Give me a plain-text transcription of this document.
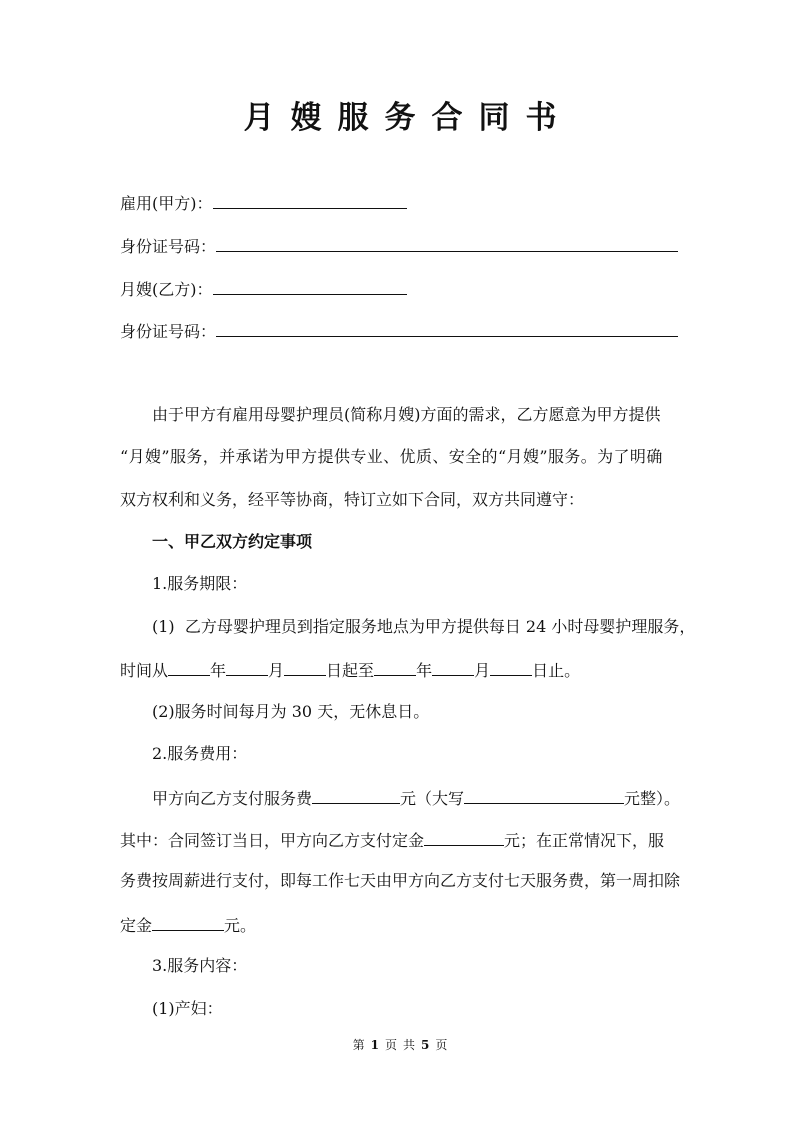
月嫂服务合同书
雇用(甲方)：
身份证号码：
月嫂(乙方)：
身份证号码：
由于甲方有雇用母婴护理员(简称月嫂)方面的需求，乙方愿意为甲方提供
“月嫂”服务，并承诺为甲方提供专业、优质、安全的“月嫂”服务。为了明确
双方权利和义务，经平等协商，特订立如下合同，双方共同遵守：
一、甲乙双方约定事项
1.服务期限：
(1)  乙方母婴护理员到指定服务地点为甲方提供每日 24 小时母婴护理服务，
时间从	年	月	日起至	年	月	日止。
(2)服务时间每月为 30 天，无休息日。
2.服务费用：
甲方向乙方支付服务费	元（大写	元整）。
其中：合同签订当日，甲方向乙方支付定金	元；在正常情况下，服
务费按周薪进行支付，即每工作七天由甲方向乙方支付七天服务费，第一周扣除
定金	元。
3.服务内容：
(1)产妇：
第 1 页 共 5 页
